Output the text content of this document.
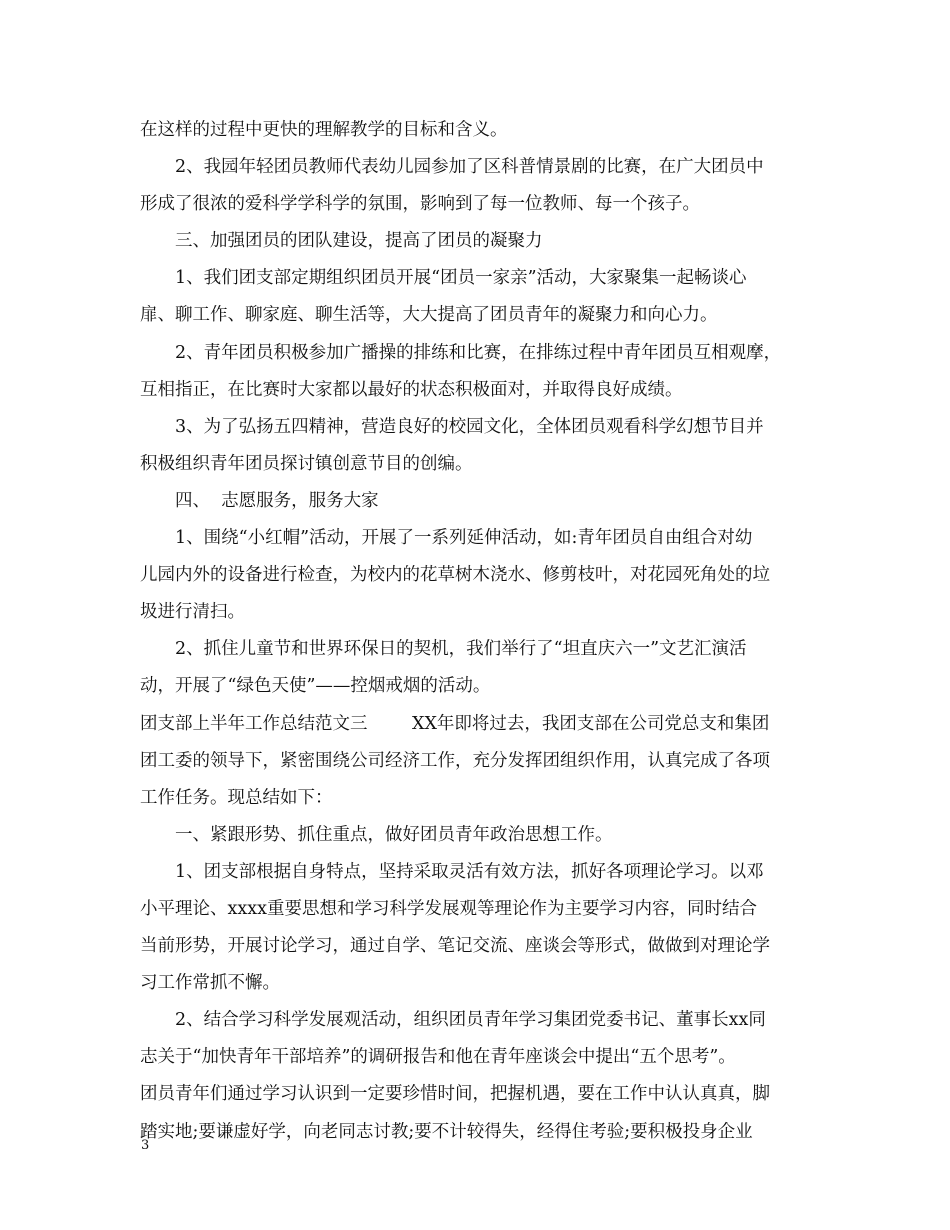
在这样的过程中更快的理解教学的目标和含义。
2、我园年轻团员教师代表幼儿园参加了区科普情景剧的比赛，在广大团员中
形成了很浓的爱科学学科学的氛围，影响到了每一位教师、每一个孩子。
三、加强团员的团队建设，提高了团员的凝聚力
1、我们团支部定期组织团员开展“团员一家亲”活动，大家聚集一起畅谈心
扉、聊工作、聊家庭、聊生活等，大大提高了团员青年的凝聚力和向心力。
2、青年团员积极参加广播操的排练和比赛，在排练过程中青年团员互相观摩，
互相指正，在比赛时大家都以最好的状态积极面对，并取得良好成绩。
3、为了弘扬五四精神，营造良好的校园文化，全体团员观看科学幻想节目并
积极组织青年团员探讨镇创意节目的创编。
四、  志愿服务，服务大家
1、围绕“小红帽”活动，开展了一系列延伸活动，如:青年团员自由组合对幼
儿园内外的设备进行检查，为校内的花草树木浇水、修剪枝叶，对花园死角处的垃
圾进行清扫。
2、抓住儿童节和世界环保日的契机，我们举行了“坦直庆六一”文艺汇演活
动，开展了“绿色天使”——控烟戒烟的活动。
团支部上半年工作总结范文三        XX年即将过去，我团支部在公司党总支和集团
团工委的领导下，紧密围绕公司经济工作，充分发挥团组织作用，认真完成了各项
工作任务。现总结如下：
一、紧跟形势、抓住重点，做好团员青年政治思想工作。
1、团支部根据自身特点，坚持采取灵活有效方法，抓好各项理论学习。以邓
小平理论、xxxx重要思想和学习科学发展观等理论作为主要学习内容，同时结合
当前形势，开展讨论学习，通过自学、笔记交流、座谈会等形式，做做到对理论学
习工作常抓不懈。
2、结合学习科学发展观活动，组织团员青年学习集团党委书记、董事长xx同
志关于“加快青年干部培养”的调研报告和他在青年座谈会中提出“五个思考”。
团员青年们通过学习认识到一定要珍惜时间，把握机遇，要在工作中认认真真，脚
踏实地;要谦虚好学，向老同志讨教;要不计较得失，经得住考验;要积极投身企业
3
